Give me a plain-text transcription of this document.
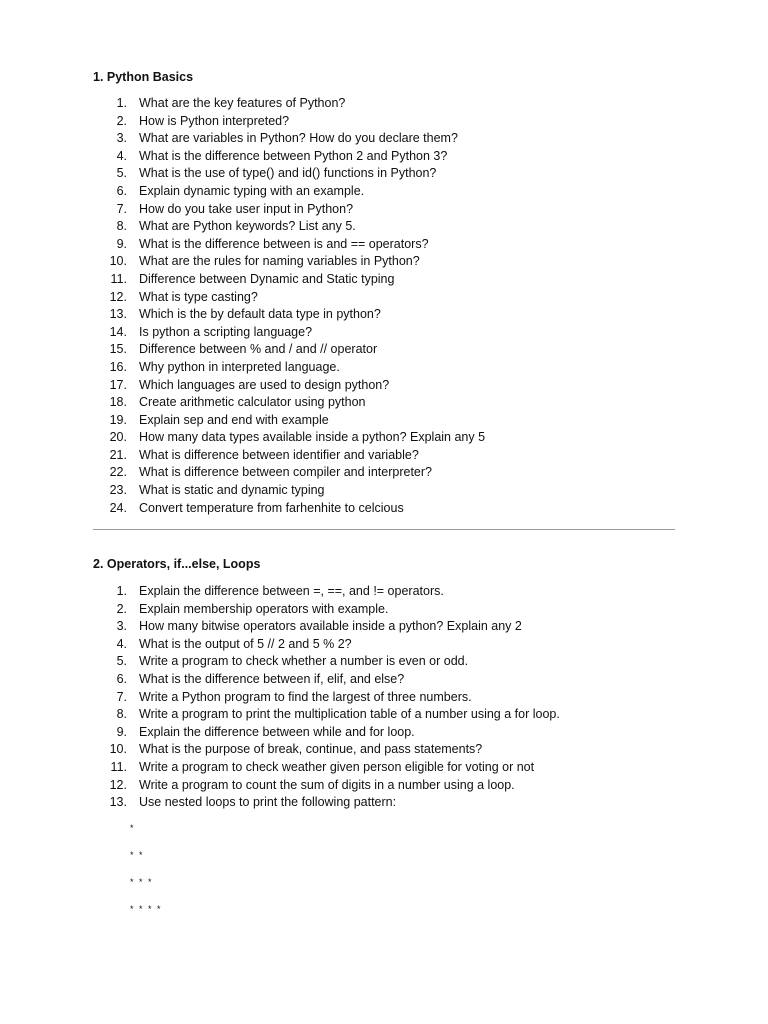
1. Python Basics
1. What are the key features of Python?
2. How is Python interpreted?
3. What are variables in Python? How do you declare them?
4. What is the difference between Python 2 and Python 3?
5. What is the use of type() and id() functions in Python?
6. Explain dynamic typing with an example.
7. How do you take user input in Python?
8. What are Python keywords? List any 5.
9. What is the difference between is and == operators?
10. What are the rules for naming variables in Python?
11. Difference between Dynamic and Static typing
12. What is type casting?
13. Which is the by default data type in python?
14. Is python a scripting language?
15. Difference between % and / and // operator
16. Why python in interpreted language.
17. Which languages are used to design python?
18. Create arithmetic calculator using python
19. Explain sep and end with example
20. How many data types available inside a python? Explain any 5
21. What is difference between identifier and variable?
22. What is difference between compiler and interpreter?
23. What is static and dynamic typing
24. Convert temperature from farhenhite to celcious
2. Operators, if...else, Loops
1. Explain the difference between =, ==, and != operators.
2. Explain membership operators with example.
3. How many bitwise operators available inside a python? Explain any 2
4. What is the output of 5 // 2 and 5 % 2?
5. Write a program to check whether a number is even or odd.
6. What is the difference between if, elif, and else?
7. Write a Python program to find the largest of three numbers.
8. Write a program to print the multiplication table of a number using a for loop.
9. Explain the difference between while and for loop.
10. What is the purpose of break, continue, and pass statements?
11. Write a program to check weather given person eligible for voting or not
12. Write a program to count the sum of digits in a number using a loop.
13. Use nested loops to print the following pattern:
*
* *
* * *
* * * *
